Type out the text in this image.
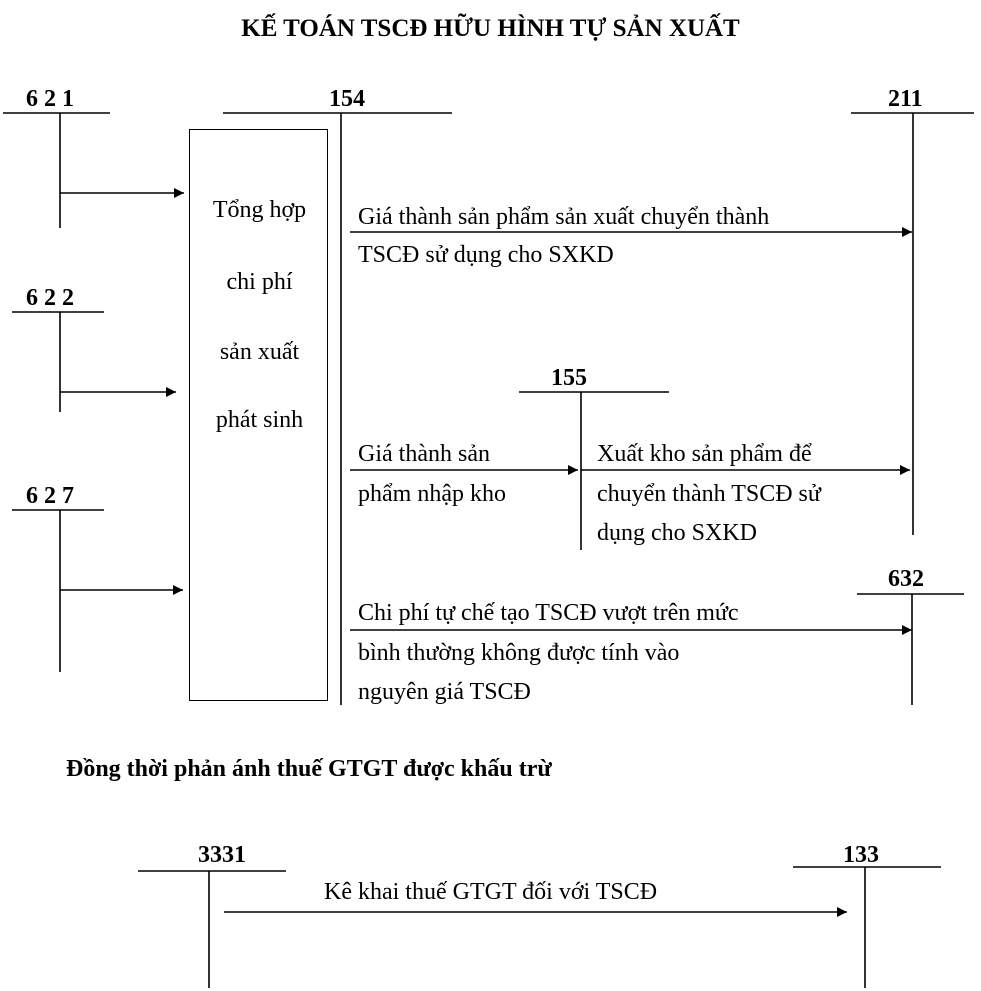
KẾ TOÁN TSCĐ HỮU HÌNH TỰ SẢN XUẤT
6 2 1
6 2 2
6 2 7
154	211
155
632
3331	133
Tổng hợp
chi phí
sản xuất
phát sinh
Giá thành sản phẩm sản xuất chuyển thành
TSCĐ sử dụng cho SXKD
Giá thành sản
phẩm nhập kho
Xuất kho sản phẩm để
chuyển thành TSCĐ sử
dụng cho SXKD
Chi phí tự chế tạo TSCĐ vượt trên mức
bình thường không được tính vào
nguyên giá TSCĐ
Đồng thời phản ánh thuế GTGT được khấu trừ
Kê khai thuế GTGT đối với TSCĐ
